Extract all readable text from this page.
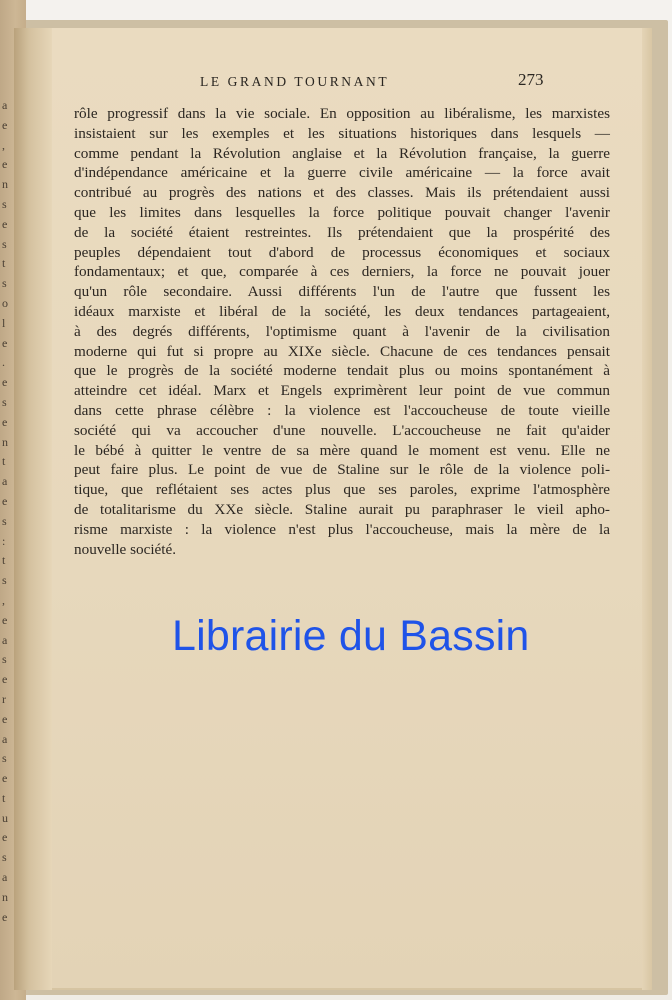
a
e
,
e
n
s
e
s
t
s
o
l
e
.
e
s
e
n
t
a
e
s
:
t
s
,
e
a
s
e
r
e
a
s
e
t
u
e
s
a
n
e
LE GRAND TOURNANT	273
rôle progressif dans la vie sociale. En opposition au libéralisme, les marxistes
insistaient sur les exemples et les situations historiques dans lesquels —
comme pendant la Révolution anglaise et la Révolution française, la guerre
d'indépendance américaine et la guerre civile américaine — la force avait
contribué au progrès des nations et des classes. Mais ils prétendaient aussi
que les limites dans lesquelles la force politique pouvait changer l'avenir
de la société étaient restreintes. Ils prétendaient que la prospérité des
peuples dépendaient tout d'abord de processus économiques et sociaux
fondamentaux; et que, comparée à ces derniers, la force ne pouvait jouer
qu'un rôle secondaire. Aussi différents l'un de l'autre que fussent les
idéaux marxiste et libéral de la société, les deux tendances partageaient,
à des degrés différents, l'optimisme quant à l'avenir de la civilisation
moderne qui fut si propre au XIXe siècle. Chacune de ces tendances pensait
que le progrès de la société moderne tendait plus ou moins spontanément à
atteindre cet idéal. Marx et Engels exprimèrent leur point de vue commun
dans cette phrase célèbre : la violence est l'accoucheuse de toute vieille
société qui va accoucher d'une nouvelle. L'accoucheuse ne fait qu'aider
le bébé à quitter le ventre de sa mère quand le moment est venu. Elle ne
peut faire plus. Le point de vue de Staline sur le rôle de la violence poli-
tique, que reflétaient ses actes plus que ses paroles, exprime l'atmosphère
de totalitarisme du XXe siècle. Staline aurait pu paraphraser le vieil apho-
risme marxiste : la violence n'est plus l'accoucheuse, mais la mère de la
nouvelle société.
Librairie du Bassin
